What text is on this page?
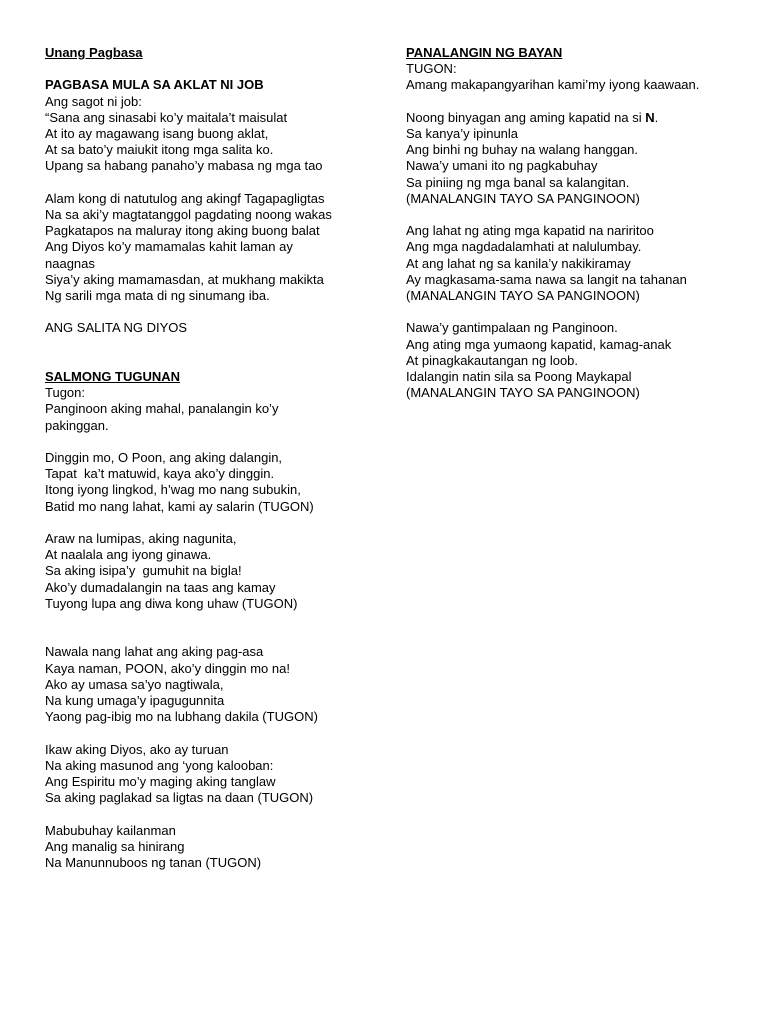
Unang Pagbasa
PAGBASA MULA SA AKLAT NI JOB
Ang sagot ni job:
“Sana ang sinasabi ko’y maitala’t maisulat
At ito ay magawang isang buong aklat,
At sa bato’y maiukit itong mga salita ko.
Upang sa habang panaho’y mabasa ng mga tao
Alam kong di natutulog ang akingf Tagapagligtas
Na sa aki’y magtatanggol pagdating noong wakas
Pagkatapos na maluray itong aking buong balat
Ang Diyos ko’y mamamalas kahit laman ay naagnas
Siya’y aking mamamasdan, at mukhang makikta
Ng sarili mga mata di ng sinumang iba.
ANG SALITA NG DIYOS
SALMONG TUGUNAN
Tugon:
Panginoon aking mahal, panalangin ko’y pakinggan.
Dinggin mo, O Poon, ang aking dalangin,
Tapat  ka’t matuwid, kaya ako’y dinggin.
Itong iyong lingkod, h’wag mo nang subukin,
Batid mo nang lahat, kami ay salarin (TUGON)
Araw na lumipas, aking nagunita,
At naalala ang iyong ginawa.
Sa aking isipa’y  gumuhit na bigla!
Ako’y dumadalangin na taas ang kamay
Tuyong lupa ang diwa kong uhaw (TUGON)
Nawala nang lahat ang aking pag-asa
Kaya naman, POON, ako’y dinggin mo na!
Ako ay umasa sa’yo nagtiwala,
Na kung umaga’y ipagugunnita
Yaong pag-ibig mo na lubhang dakila (TUGON)
Ikaw aking Diyos, ako ay turuan
Na aking masunod ang ‘yong kalooban:
Ang Espiritu mo’y maging aking tanglaw
Sa aking paglakad sa ligtas na daan (TUGON)
Mabubuhay kailanman
Ang manalig sa hinirang
Na Manunnuboos ng tanan (TUGON)
PANALANGIN NG BAYAN
TUGON:
Amang makapangyarihan kami’my iyong kaawaan.
Noong binyagan ang aming kapatid na si N.
Sa kanya’y ipinunla
Ang binhi ng buhay na walang hanggan.
Nawa’y umani ito ng pagkabuhay
Sa piniing ng mga banal sa kalangitan.
(MANALANGIN TAYO SA PANGINOON)
Ang lahat ng ating mga kapatid na nariritoo
Ang mga nagdadalamhati at nalulumbay.
At ang lahat ng sa kanila’y nakikiramay
Ay magkasama-sama nawa sa langit na tahanan
(MANALANGIN TAYO SA PANGINOON)
Nawa’y gantimpalaan ng Panginoon.
Ang ating mga yumaong kapatid, kamag-anak
At pinagkakautangan ng loob.
Idalangin natin sila sa Poong Maykapal
(MANALANGIN TAYO SA PANGINOON)
